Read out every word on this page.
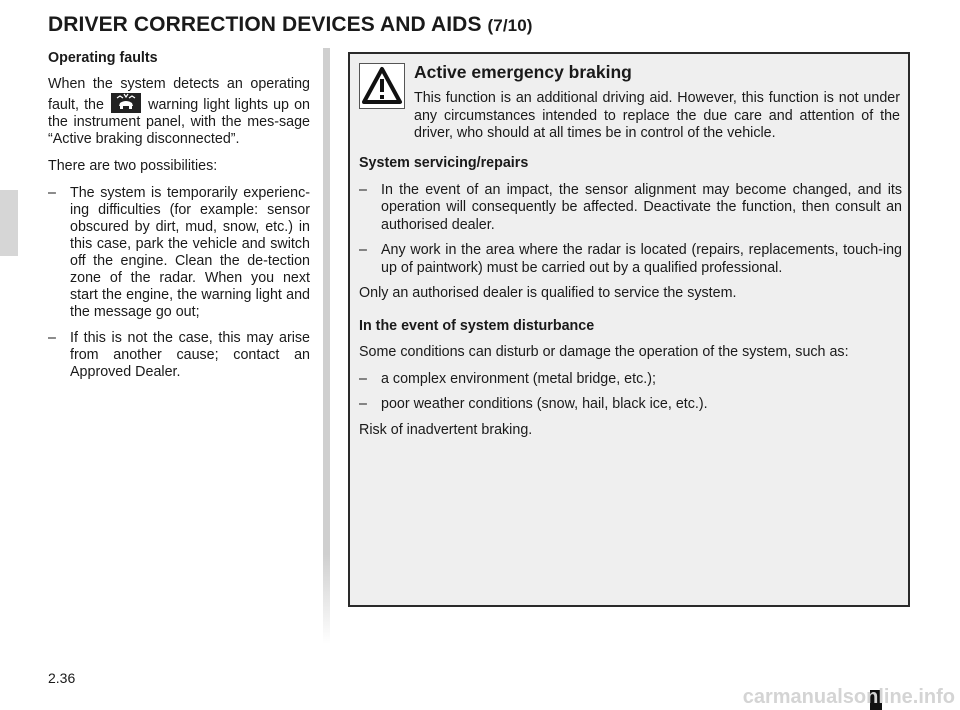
DRIVER CORRECTION DEVICES AND AIDS (7/10)

Operating faults

When the system detects an operating fault, the	warning light lights up on the instrument panel, with the mes-sage “Active braking disconnected”.

There are two possibilities:

– The system is temporarily experienc-ing difficulties (for example: sensor obscured by dirt, mud, snow, etc.) in this case, park the vehicle and switch off the engine. Clean the de-tection zone of the radar. When you next start the engine, the warning light and the message go out;
– If this is not the case, this may arise from another cause; contact an Approved Dealer.

Active emergency braking

This function is an additional driving aid. However, this function is not under any circumstances intended to replace the due care and attention of the driver, who should at all times be in control of the vehicle.

System servicing/repairs

– In the event of an impact, the sensor alignment may become changed, and its operation will consequently be affected. Deactivate the function, then consult an authorised dealer.
– Any work in the area where the radar is located (repairs, replacements, touch-ing up of paintwork) must be carried out by a qualified professional.

Only an authorised dealer is qualified to service the system.

In the event of system disturbance

Some conditions can disturb or damage the operation of the system, such as:

– a complex environment (metal bridge, etc.);
– poor weather conditions (snow, hail, black ice, etc.).

Risk of inadvertent braking.

2.36
carmanualsonline.info
